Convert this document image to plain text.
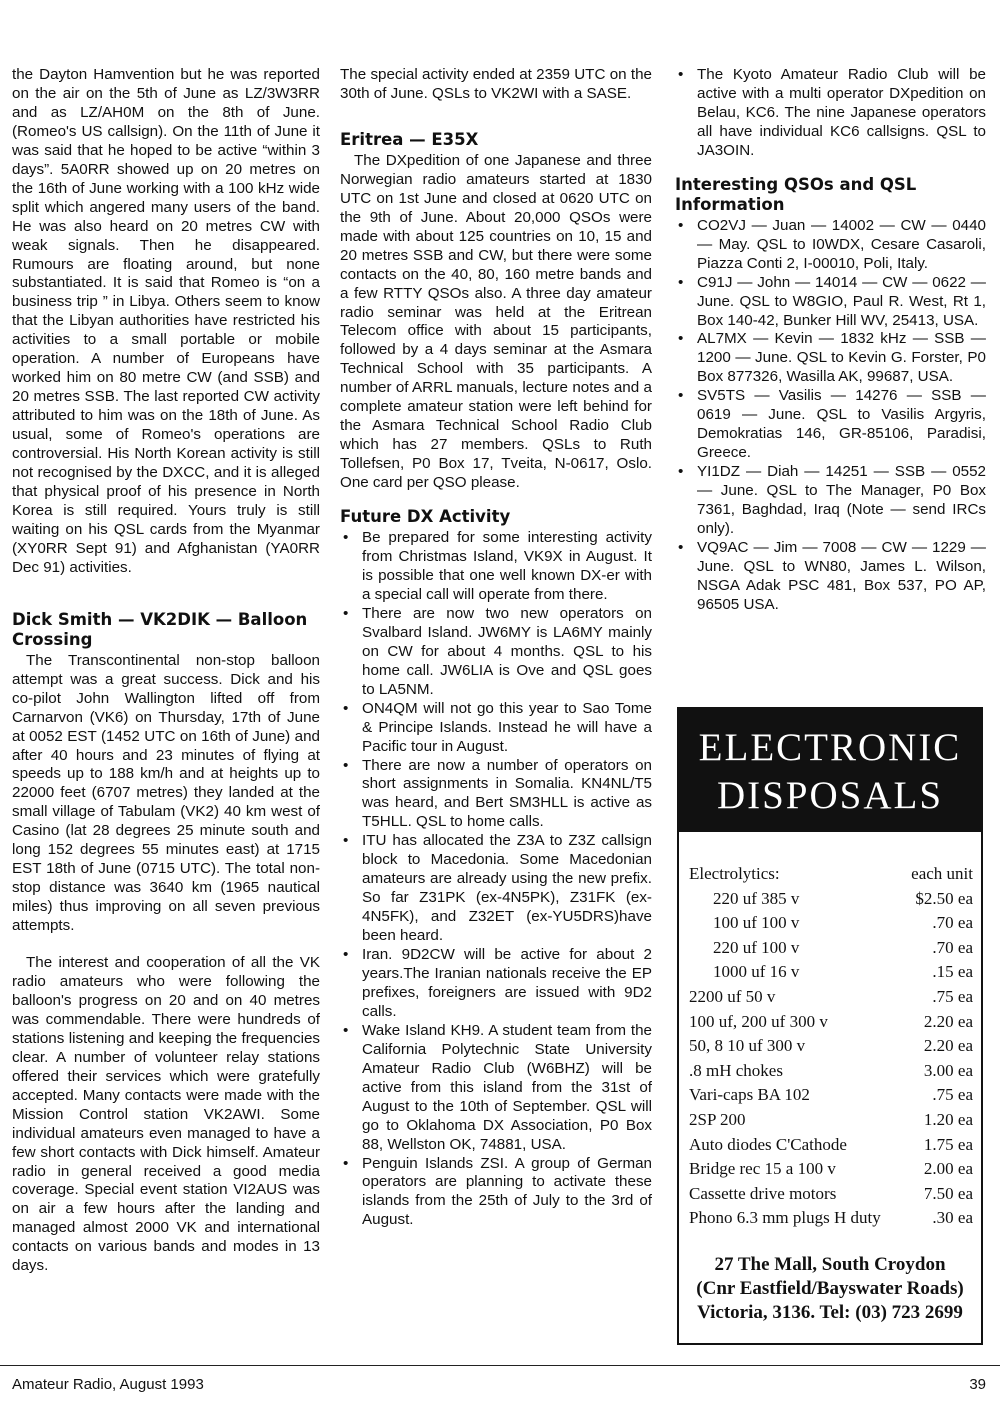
the Dayton Hamvention but he was reported on the air on the 5th of June as LZ/3W3RR and as LZ/AH0M on the 8th of June. (Romeo's US callsign). On the 11th of June it was said that he hoped to be active “within 3 days”. 5A0RR showed up on 20 metres on the 16th of June working with a 100 kHz wide split which angered many users of the band. He was also heard on 20 metres CW with weak signals. Then he disappeared. Rumours are floating around, but none substantiated. It is said that Romeo is “on a business trip ” in Libya. Others seem to know that the Libyan authorities have restricted his activities to a small portable or mobile operation. A number of Europeans have worked him on 80 metre CW (and SSB) and 20 metres SSB. The last reported CW activity attributed to him was on the 18th of June. As usual, some of Romeo's operations are controversial. His North Korean activity is still not recognised by the DXCC, and it is alleged that physical proof of his presence in North Korea is still required. Yours truly is still waiting on his QSL cards from the Myanmar (XY0RR Sept 91) and Afghanistan (YA0RR Dec 91) activities.

Dick Smith — VK2DIK — Balloon Crossing

The Transcontinental non-stop balloon attempt was a great success. Dick and his co-pilot John Wallington lifted off from Carnarvon (VK6) on Thursday, 17th of June at 0052 EST (1452 UTC on 16th of June) and after 40 hours and 23 minutes of flying at speeds up to 188 km/h and at heights up to 22000 feet (6707 metres) they landed at the small village of Tabulam (VK2) 40 km west of Casino (lat 28 degrees 25 minute south and long 152 degrees 55 minutes east) at 1715 EST 18th of June (0715 UTC). The total non-stop distance was 3640 km (1965 nautical miles) thus improving on all seven previous attempts.

The interest and cooperation of all the VK radio amateurs who were following the balloon's progress on 20 and on 40 metres was commendable. There were hundreds of stations listening and keeping the frequencies clear. A number of volunteer relay stations offered their services which were gratefully accepted. Many contacts were made with the Mission Control station VK2AWI. Some individual amateurs even managed to have a few short contacts with Dick himself. Amateur radio in general received a good media coverage. Special event station VI2AUS was on air a few hours after the landing and managed almost 2000 VK and international contacts on various bands and modes in 13 days.

The special activity ended at 2359 UTC on the 30th of June. QSLs to VK2WI with a SASE.

Eritrea — E35X

The DXpedition of one Japanese and three Norwegian radio amateurs started at 1830 UTC on 1st June and closed at 0620 UTC on the 9th of June. About 20,000 QSOs were made with about 125 countries on 10, 15 and 20 metres SSB and CW, but there were some contacts on the 40, 80, 160 metre bands and a few RTTY QSOs also. A three day amateur radio seminar was held at the Eritrean Telecom office with about 15 participants, followed by a 4 days seminar at the Asmara Technical School with 35 participants. A number of ARRL manuals, lecture notes and a complete amateur station were left behind for the Asmara Technical School Radio Club which has 27 members. QSLs to Ruth Tollefsen, P0 Box 17, Tveita, N-0617, Oslo. One card per QSO please.

Future DX Activity
• Be prepared for some interesting activity from Christmas Island, VK9X in August. It is possible that one well known DX-er with a special call will operate from there.
• There are now two new operators on Svalbard Island. JW6MY is LA6MY mainly on CW for about 4 months. QSL to his home call. JW6LIA is Ove and QSL goes to LA5NM.
• ON4QM will not go this year to Sao Tome & Principe Islands. Instead he will have a Pacific tour in August.
• There are now a number of operators on short assignments in Somalia. KN4NL/T5 was heard, and Bert SM3HLL is active as T5HLL. QSL to home calls.
• ITU has allocated the Z3A to Z3Z callsign block to Macedonia. Some Macedonian amateurs are already using the new prefix. So far Z31PK (ex-4N5PK), Z31FK (ex-4N5FK), and Z32ET (ex-YU5DRS)have been heard.
• Iran. 9D2CW will be active for about 2 years.The Iranian nationals receive the EP prefixes, foreigners are issued with 9D2 calls.
• Wake Island KH9. A student team from the California Polytechnic State University Amateur Radio Club (W6BHZ) will be active from this island from the 31st of August to the 10th of September. QSL will go to Oklahoma DX Association, P0 Box 88, Wellston OK, 74881, USA.
• Penguin Islands ZSI. A group of German operators are planning to activate these islands from the 25th of July to the 3rd of August.
• The Kyoto Amateur Radio Club will be active with a multi operator DXpedition on Belau, KC6. The nine Japanese operators all have individual KC6 callsigns. QSL to JA3OIN.
Interesting QSOs and QSL Information
• CO2VJ — Juan — 14002 — CW — 0440 — May. QSL to I0WDX, Cesare Casaroli, Piazza Conti 2, I-00010, Poli, Italy.
• C91J — John — 14014 — CW — 0622 — June. QSL to W8GIO, Paul R. West, Rt 1, Box 140-42, Bunker Hill WV, 25413, USA.
• AL7MX — Kevin — 1832 kHz — SSB — 1200 — June. QSL to Kevin G. Forster, P0 Box 877326, Wasilla AK, 99687, USA.
• SV5TS — Vasilis — 14276 — SSB — 0619 — June. QSL to Vasilis Argyris, Demokratias 146, GR-85106, Paradisi, Greece.
• YI1DZ — Diah — 14251 — SSB — 0552 — June. QSL to The Manager, P0 Box 7361, Baghdad, Iraq (Note — send IRCs only).
• VQ9AC — Jim — 7008 — CW — 1229 — June. QSL to WN80, James L. Wilson, NSGA Adak PSC 481, Box 537, PO AP, 96505 USA.
ELECTRONIC
DISPOSALS
Electrolytics:	each unit
220 uf 385 v	$2.50 ea
100 uf 100 v	.70 ea
220 uf 100 v	.70 ea
1000 uf 16 v	.15 ea
2200 uf 50 v	.75 ea
100 uf, 200 uf 300 v	2.20 ea
50, 8 10 uf 300 v	2.20 ea
.8 mH chokes	3.00 ea
Vari-caps BA 102	.75 ea
2SP 200	1.20 ea
Auto diodes C'Cathode	1.75 ea
Bridge rec 15 a 100 v	2.00 ea
Cassette drive motors	7.50 ea
Phono 6.3 mm plugs H duty	.30 ea
27 The Mall, South Croydon
(Cnr Eastfield/Bayswater Roads)
Victoria, 3136. Tel: (03) 723 2699
Amateur Radio, August 1993	39
